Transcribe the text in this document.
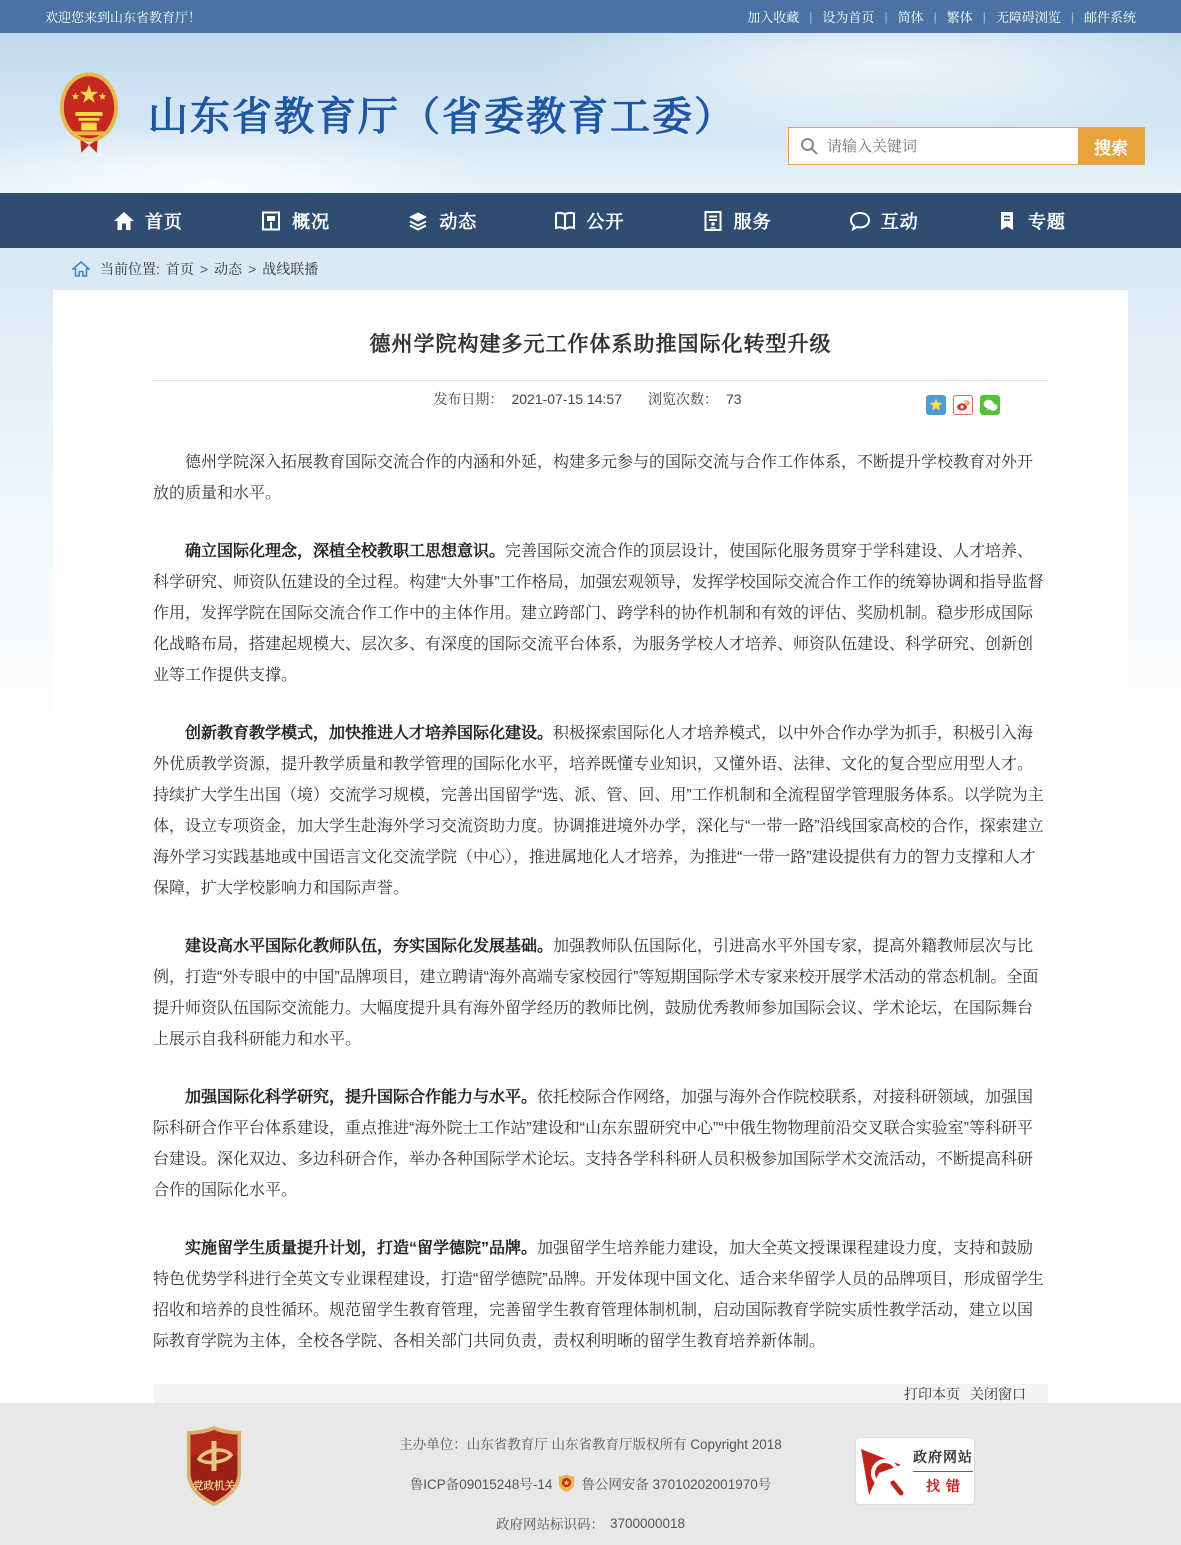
欢迎您来到山东省教育厅！	加入收藏 | 设为首页 | 简体 | 繁体 | 无障碍浏览 | 邮件系统
山东省教育厅（省委教育工委）
请输入关键词
搜索
首页	概况	动态	公开	服务	互动	专题
当前位置: 首页 > 动态 > 战线联播
德州学院构建多元工作体系助推国际化转型升级
发布日期： 2021-07-15 14:57 浏览次数： 73

德州学院深入拓展教育国际交流合作的内涵和外延，构建多元参与的国际交流与合作工作体系，不断提升学校教育对外开放的质量和水平。

确立国际化理念，深植全校教职工思想意识。完善国际交流合作的顶层设计，使国际化服务贯穿于学科建设、人才培养、科学研究、师资队伍建设的全过程。构建“大外事”工作格局，加强宏观领导，发挥学校国际交流合作工作的统筹协调和指导监督作用，发挥学院在国际交流合作工作中的主体作用。建立跨部门、跨学科的协作机制和有效的评估、奖励机制。稳步形成国际化战略布局，搭建起规模大、层次多、有深度的国际交流平台体系，为服务学校人才培养、师资队伍建设、科学研究、创新创业等工作提供支撑。

创新教育教学模式，加快推进人才培养国际化建设。积极探索国际化人才培养模式，以中外合作办学为抓手，积极引入海外优质教学资源，提升教学质量和教学管理的国际化水平，培养既懂专业知识，又懂外语、法律、文化的复合型应用型人才。持续扩大学生出国（境）交流学习规模，完善出国留学“选、派、管、回、用”工作机制和全流程留学管理服务体系。以学院为主体，设立专项资金，加大学生赴海外学习交流资助力度。协调推进境外办学，深化与“一带一路”沿线国家高校的合作，探索建立海外学习实践基地或中国语言文化交流学院（中心），推进属地化人才培养，为推进“一带一路”建设提供有力的智力支撑和人才保障，扩大学校影响力和国际声誉。

建设高水平国际化教师队伍，夯实国际化发展基础。加强教师队伍国际化，引进高水平外国专家，提高外籍教师层次与比例，打造“外专眼中的中国”品牌项目，建立聘请“海外高端专家校园行”等短期国际学术专家来校开展学术活动的常态机制。全面提升师资队伍国际交流能力。大幅度提升具有海外留学经历的教师比例，鼓励优秀教师参加国际会议、学术论坛，在国际舞台上展示自我科研能力和水平。

加强国际化科学研究，提升国际合作能力与水平。依托校际合作网络，加强与海外合作院校联系，对接科研领域，加强国际科研合作平台体系建设，重点推进“海外院士工作站”建设和“山东东盟研究中心”“中俄生物物理前沿交叉联合实验室”等科研平台建设。深化双边、多边科研合作，举办各种国际学术论坛。支持各学科科研人员积极参加国际学术交流活动，不断提高科研合作的国际化水平。

实施留学生质量提升计划，打造“留学德院”品牌。加强留学生培养能力建设，加大全英文授课课程建设力度，支持和鼓励特色优势学科进行全英文专业课程建设，打造“留学德院”品牌。开发体现中国文化、适合来华留学人员的品牌项目，形成留学生招收和培养的良性循环。规范留学生教育管理，完善留学生教育管理体制机制，启动国际教育学院实质性教学活动，建立以国际教育学院为主体，全校各学院、各相关部门共同负责，责权利明晰的留学生教育培养新体制。

打印本页 关闭窗口
党政机关
主办单位：山东省教育厅 山东省教育厅版权所有 Copyright 2018
鲁ICP备09015248号-14 鲁公网安备 37010202001970号
政府网站标识码： 3700000018
政府网站
找错
